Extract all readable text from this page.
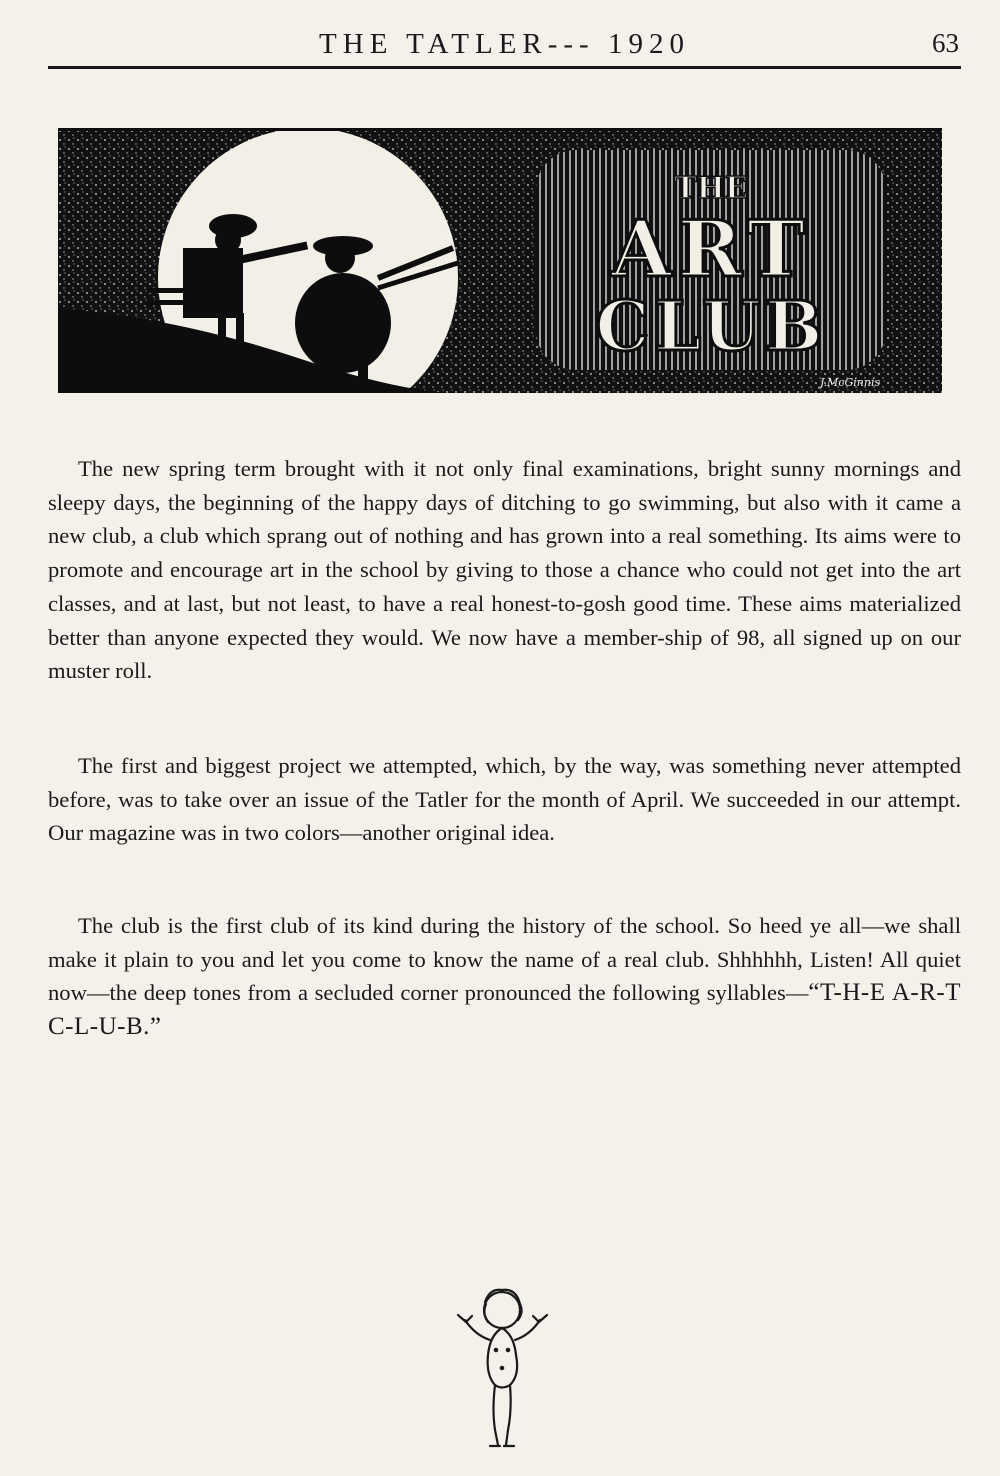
THE TATLER--- 1920	63
THE
ART
CLUB
J.McGinnis

The new spring term brought with it not only final examinations, bright sunny mornings and sleepy days, the beginning of the happy days of ditching to go swimming, but also with it came a new club, a club which sprang out of nothing and has grown into a real something. Its aims were to promote and encourage art in the school by giving to those a chance who could not get into the art classes, and at last, but not least, to have a real honest-to-gosh good time. These aims materialized better than anyone expected they would. We now have a member-ship of 98, all signed up on our muster roll.

The first and biggest project we attempted, which, by the way, was something never attempted before, was to take over an issue of the Tatler for the month of April. We succeeded in our attempt. Our magazine was in two colors—another original idea.

The club is the first club of its kind during the history of the school. So heed ye all—we shall make it plain to you and let you come to know the name of a real club. Shhhhhh, Listen! All quiet now—the deep tones from a secluded corner pronounced the following syllables—“T-H-E A-R-T C-L-U-B.”
